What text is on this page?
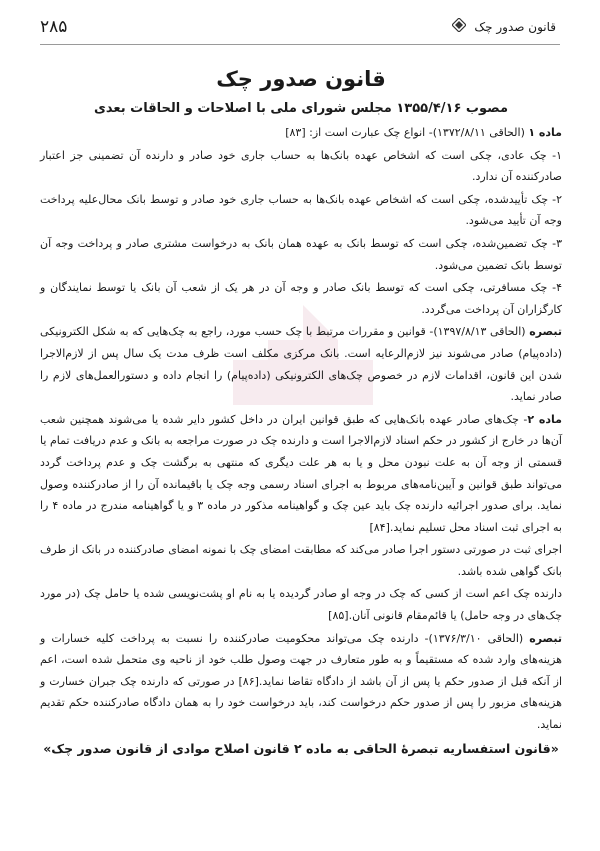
قانون صدور چک
۲۸۵
قانون صدور چک
مصوب ۱۳۵۵/۴/۱۶ مجلس شورای ملی با اصلاحات و الحاقات بعدی

ماده ۱ (الحاقی ۱۳۷۲/۸/۱۱)- انواع چک عبارت است از: [۸۳]

۱- چک عادی، چکی است که اشخاص عهده بانک‌ها به حساب جاری خود صادر و دارنده آن تضمینی جز اعتبار صادرکننده آن ندارد.

۲- چک تأییدشده، چکی است که اشخاص عهده بانک‌ها به حساب جاری خود صادر و توسط بانک محال‌علیه پرداخت وجه آن تأیید می‌شود.

۳- چک تضمین‌شده، چکی است که توسط بانک به عهده همان بانک به درخواست مشتری صادر و پرداخت وجه آن توسط بانک تضمین می‌شود.

۴- چک مسافرتی، چکی است که توسط بانک صادر و وجه آن در هر یک از شعب آن بانک یا توسط نمایندگان و کارگزاران آن پرداخت می‌گردد.

تبصره (الحاقی ۱۳۹۷/۸/۱۳)- قوانین و مقررات مرتبط با چک حسب مورد، راجع به چک‌هایی که به شکل الکترونیکی (داده‌پیام) صادر می‌شوند نیز لازم‌الرعایه است. بانک مرکزی مکلف است ظرف مدت یک سال پس از لازم‌الاجرا شدن این قانون، اقدامات لازم در خصوص چک‌های الکترونیکی (داده‌پیام) را انجام داده و دستورالعمل‌های لازم را صادر نماید.

ماده ۲- چک‌های صادر عهده بانک‌هایی که طبق قوانین ایران در داخل کشور دایر شده یا می‌شوند همچنین شعب آن‌ها در خارج از کشور در حکم اسناد لازم‌الاجرا است و دارنده چک در صورت مراجعه به بانک و عدم دریافت تمام یا قسمتی از وجه آن به علت نبودن محل و یا به هر علت دیگری که منتهی به برگشت چک و عدم پرداخت گردد می‌تواند طبق قوانین و آیین‌نامه‌های مربوط به اجرای اسناد رسمی وجه چک یا باقیمانده آن را از صادرکننده وصول نماید. برای صدور اجرائیه دارنده چک باید عین چک و گواهینامه مذکور در ماده ۳ و یا گواهینامه مندرج در ماده ۴ را به اجرای ثبت اسناد محل تسلیم نماید.[۸۴]

اجرای ثبت در صورتی دستور اجرا صادر می‌کند که مطابقت امضای چک با نمونه امضای صادرکننده در بانک از طرف بانک گواهی شده باشد.

دارنده چک اعم است از کسی که چک در وجه او صادر گردیده یا به نام او پشت‌نویسی شده یا حامل چک (در مورد چک‌های در وجه حامل) یا قائم‌مقام قانونی آنان.[۸۵]

تبصره (الحاقی ۱۳۷۶/۳/۱۰)- دارنده چک می‌تواند محکومیت صادرکننده را نسبت به پرداخت کلیه خسارات و هزینه‌های وارد شده که مستقیماً و به طور متعارف در جهت وصول طلب خود از ناحیه وی متحمل شده است، اعم از آنکه قبل از صدور حکم یا پس از آن باشد از دادگاه تقاضا نماید.[۸۶] در صورتی که دارنده چک جبران خسارت و هزینه‌های مزبور را پس از صدور حکم درخواست کند، باید درخواست خود را به همان دادگاه صادرکننده حکم تقدیم نماید.

«قانون استفساریه تبصرهٔ الحاقی به ماده ۲ قانون اصلاح موادی از قانون صدور چک»
